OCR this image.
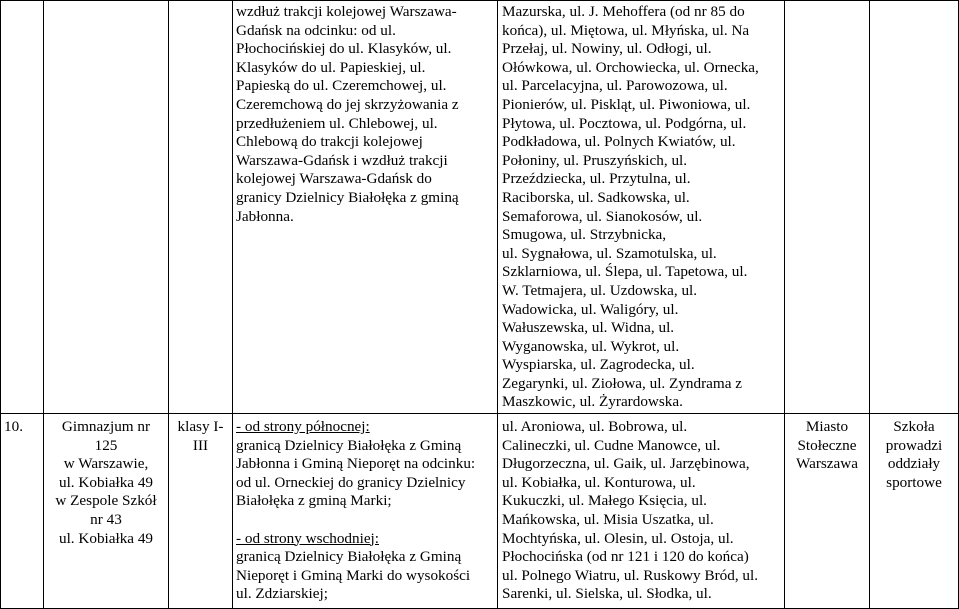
wzdłuż trakcji kolejowej Warszawa-
Gdańsk na odcinku: od ul.
Płochocińskiej do ul. Klasyków, ul.
Klasyków do ul. Papieskiej, ul.
Papieską do ul. Czeremchowej, ul.
Czeremchową do jej skrzyżowania z
przedłużeniem ul. Chlebowej, ul.
Chlebową do trakcji kolejowej
Warszawa-Gdańsk i wzdłuż trakcji
kolejowej Warszawa-Gdańsk do
granicy Dzielnicy Białołęka z gminą
Jabłonna.
Mazurska, ul. J. Mehoffera (od nr 85 do
końca), ul. Miętowa, ul. Młyńska, ul. Na
Przełaj, ul. Nowiny, ul. Odłogi, ul.
Ołówkowa, ul. Orchowiecka, ul. Ornecka,
ul. Parcelacyjna, ul. Parowozowa, ul.
Pionierów, ul. Piskląt, ul. Piwoniowa, ul.
Płytowa, ul. Pocztowa, ul. Podgórna, ul.
Podkładowa, ul. Polnych Kwiatów, ul.
Połoniny, ul. Pruszyńskich, ul.
Przeździecka, ul. Przytulna, ul.
Raciborska, ul. Sadkowska, ul.
Semaforowa, ul. Sianokosów, ul.
Smugowa, ul. Strzybnicka,
ul. Sygnałowa, ul. Szamotulska, ul.
Szklarniowa, ul. Ślepa, ul. Tapetowa, ul.
W. Tetmajera, ul. Uzdowska, ul.
Wadowicka, ul. Waligóry, ul.
Wałuszewska, ul. Widna, ul.
Wyganowska, ul. Wykrot, ul.
Wyspiarska, ul. Zagrodecka, ul.
Zegarynki, ul. Ziołowa, ul. Zyndrama z
Maszkowic, ul. Żyrardowska.
10.	Gimnazjum nr
125
w Warszawie,
ul. Kobiałka 49
w Zespole Szkół
nr 43
ul. Kobiałka 49
klasy I-
III
- od strony północnej:
granicą Dzielnicy Białołęka z Gminą
Jabłonna i Gminą Nieporęt na odcinku:
od ul. Orneckiej do granicy Dzielnicy
Białołęka z gminą Marki;

- od strony wschodniej:
granicą Dzielnicy Białołęka z Gminą
Nieporęt i Gminą Marki do wysokości
ul. Zdziarskiej;
ul. Aroniowa, ul. Bobrowa, ul.
Calineczki, ul. Cudne Manowce, ul.
Długorzeczna, ul. Gaik, ul. Jarzębinowa,
ul. Kobiałka, ul. Konturowa, ul.
Kukuczki, ul. Małego Księcia, ul.
Mańkowska, ul. Misia Uszatka, ul.
Mochtyńska, ul. Olesin, ul. Ostoja, ul.
Płochocińska (od nr 121 i 120 do końca)
ul. Polnego Wiatru, ul. Ruskowy Bród, ul.
Sarenki, ul. Sielska, ul. Słodka, ul.
Miasto
Stołeczne
Warszawa
Szkoła
prowadzi
oddziały
sportowe
